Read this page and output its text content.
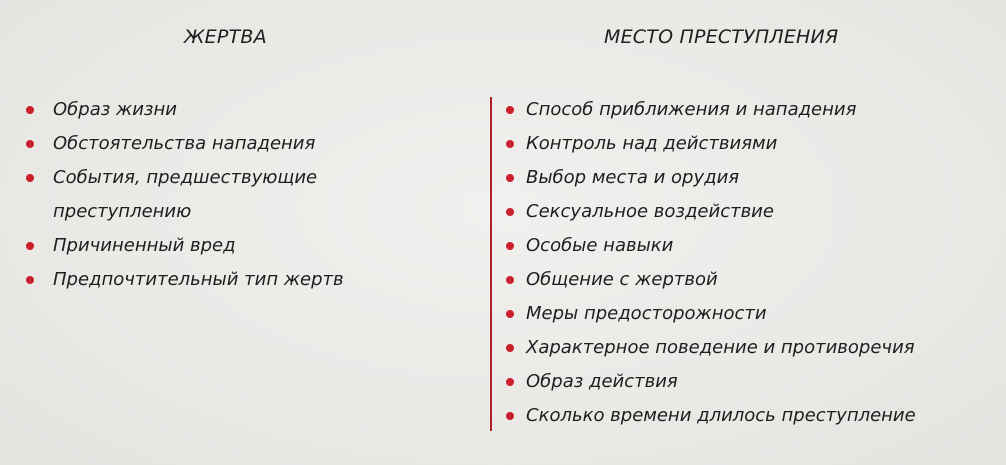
ЖЕРТВА
Образ жизни
Обстоятельства нападения
События, предшествующие
преступлению
Причиненный вред
Предпочтительный тип жертв
МЕСТО ПРЕСТУПЛЕНИЯ
Способ приближения и нападения
Контроль над действиями
Выбор места и орудия
Сексуальное воздействие
Особые навыки
Общение с жертвой
Меры предосторожности
Характерное поведение и противоречия
Образ действия
Сколько времени длилось преступление
